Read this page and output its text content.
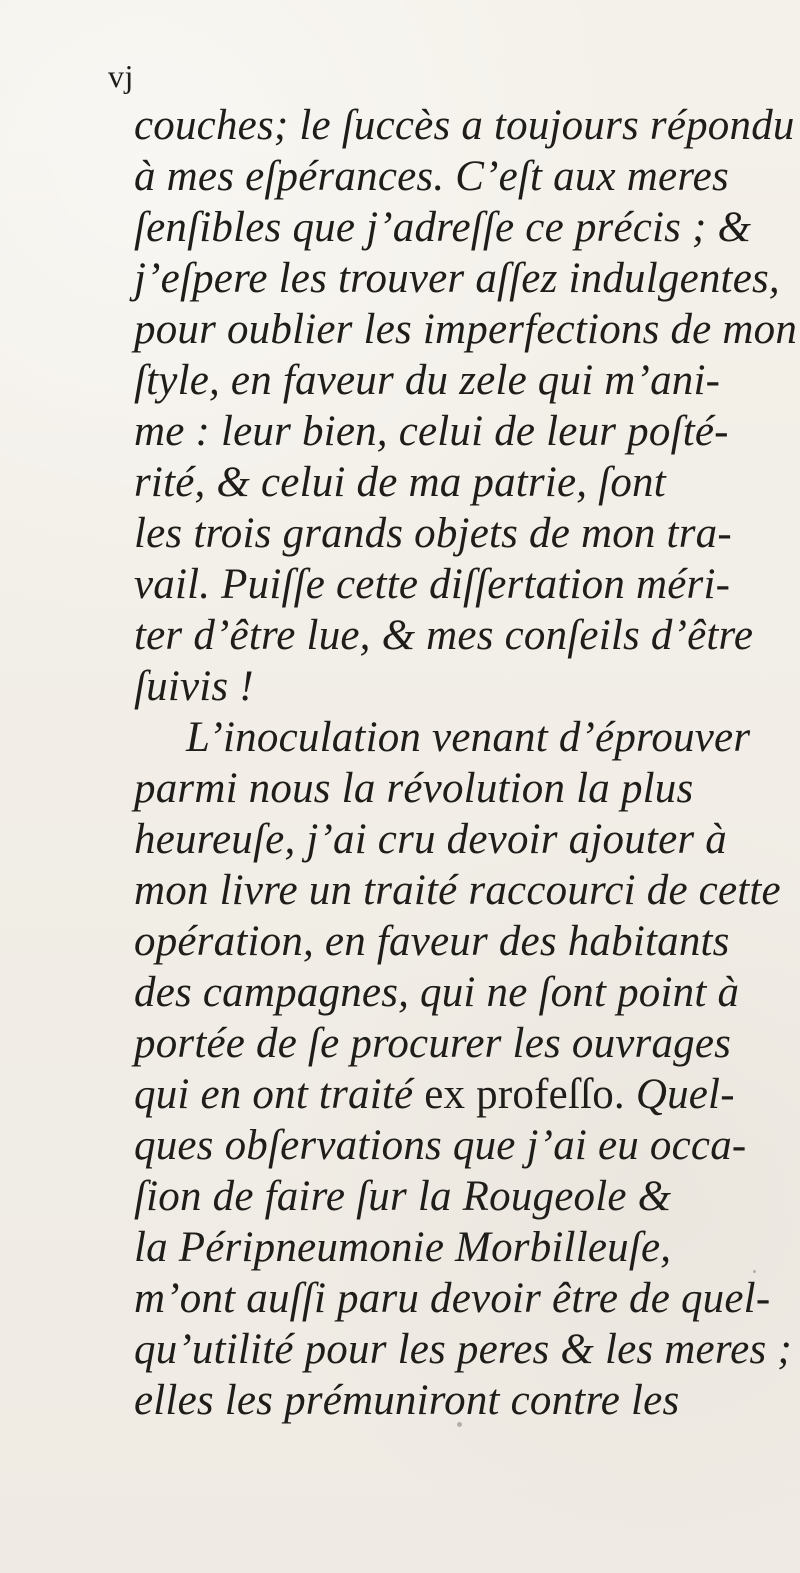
vj
couches; le ſuccès a toujours répondu
à mes eſpérances. C’eſt aux meres
ſenſibles que j’adreſſe ce précis ; &
j’eſpere les trouver aſſez indulgentes,
pour oublier les imperfections de mon
ſtyle, en faveur du zele qui m’ani-
me : leur bien, celui de leur poſté-
rité, & celui de ma patrie, ſont
les trois grands objets de mon tra-
vail. Puiſſe cette diſſertation méri-
ter d’être lue, & mes conſeils d’être
ſuivis !
L’inoculation venant d’éprouver
parmi nous la révolution la plus
heureuſe, j’ai cru devoir ajouter à
mon livre un traité raccourci de cette
opération, en faveur des habitants
des campagnes, qui ne ſont point à
portée de ſe procurer les ouvrages
qui en ont traité ex profeſſo. Quel-
ques obſervations que j’ai eu occa-
ſion de faire ſur la Rougeole &
la Péripneumonie Morbilleuſe,
m’ont auſſi paru devoir être de quel-
qu’utilité pour les peres & les meres ;
elles les prémuniront contre les
